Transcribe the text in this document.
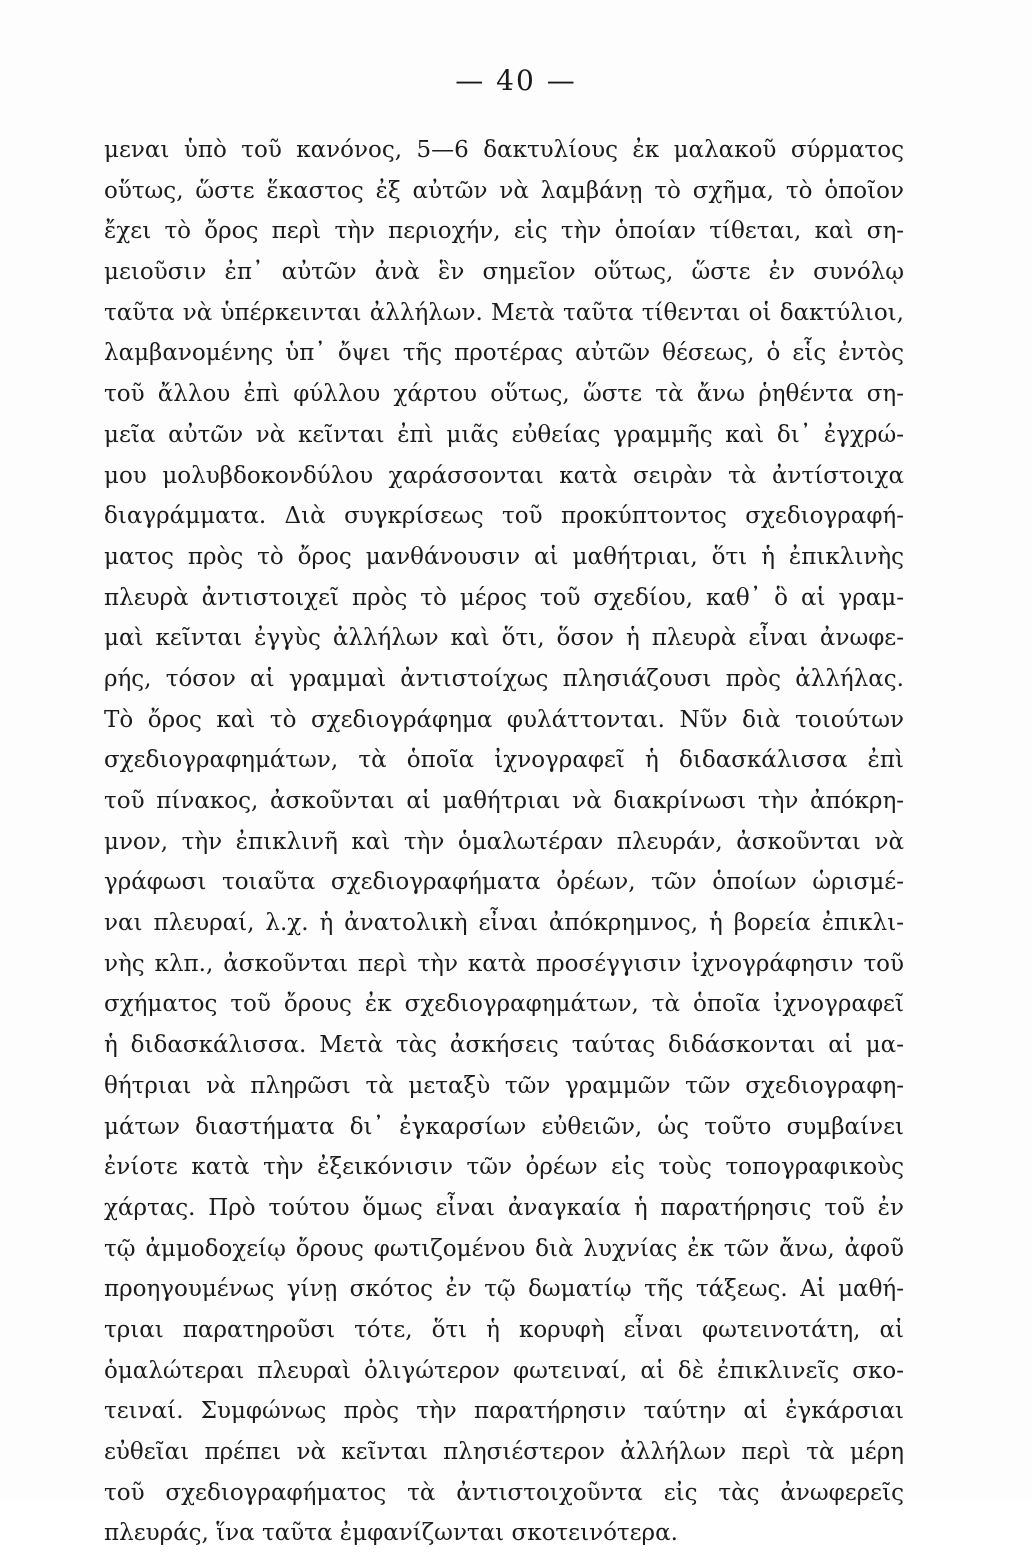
— 40 —
μεναι ὑπὸ τοῦ κανόνος, 5—6 δακτυλίους ἐκ μαλακοῦ σύρματος
οὕτως, ὥστε ἕκαστος ἐξ αὐτῶν νὰ λαμβάνῃ τὸ σχῆμα, τὸ ὁποῖον
ἔχει τὸ ὄρος περὶ τὴν περιοχήν, εἰς τὴν ὁποίαν τίθεται, καὶ ση-
μειοῦσιν ἐπ᾽ αὐτῶν ἀνὰ ἓν σημεῖον οὕτως, ὥστε ἐν συνόλῳ
ταῦτα νὰ ὑπέρκεινται ἀλλήλων. Μετὰ ταῦτα τίθενται οἱ δακτύλιοι,
λαμβανομένης ὑπ᾽ ὄψει τῆς προτέρας αὐτῶν θέσεως, ὁ εἷς ἐντὸς
τοῦ ἄλλου ἐπὶ φύλλου χάρτου οὕτως, ὥστε τὰ ἄνω ῥηθέντα ση-
μεῖα αὐτῶν νὰ κεῖνται ἐπὶ μιᾶς εὐθείας γραμμῆς καὶ δι᾽ ἐγχρώ-
μου μολυβδοκονδύλου χαράσσονται κατὰ σειρὰν τὰ ἀντίστοιχα
διαγράμματα. Διὰ συγκρίσεως τοῦ προκύπτοντος σχεδιογραφή-
ματος πρὸς τὸ ὄρος μανθάνουσιν αἱ μαθήτριαι, ὅτι ἡ ἐπικλινὴς
πλευρὰ ἀντιστοιχεῖ πρὸς τὸ μέρος τοῦ σχεδίου, καθ᾽ ὃ αἱ γραμ-
μαὶ κεῖνται ἐγγὺς ἀλλήλων καὶ ὅτι, ὅσον ἡ πλευρὰ εἶναι ἀνωφε-
ρής, τόσον αἱ γραμμαὶ ἀντιστοίχως πλησιάζουσι πρὸς ἀλλήλας.
Τὸ ὄρος καὶ τὸ σχεδιογράφημα φυλάττονται. Νῦν διὰ τοιούτων
σχεδιογραφημάτων, τὰ ὁποῖα ἰχνογραφεῖ ἡ διδασκάλισσα ἐπὶ
τοῦ πίνακος, ἀσκοῦνται αἱ μαθήτριαι νὰ διακρίνωσι τὴν ἀπόκρη-
μνον, τὴν ἐπικλινῆ καὶ τὴν ὁμαλωτέραν πλευράν, ἀσκοῦνται νὰ
γράφωσι τοιαῦτα σχεδιογραφήματα ὀρέων, τῶν ὁποίων ὡρισμέ-
ναι πλευραί, λ.χ. ἡ ἀνατολικὴ εἶναι ἀπόκρημνος, ἡ βορεία ἐπικλι-
νὴς κλπ., ἀσκοῦνται περὶ τὴν κατὰ προσέγγισιν ἰχνογράφησιν τοῦ
σχήματος τοῦ ὄρους ἐκ σχεδιογραφημάτων, τὰ ὁποῖα ἰχνογραφεῖ
ἡ διδασκάλισσα. Μετὰ τὰς ἀσκήσεις ταύτας διδάσκονται αἱ μα-
θήτριαι νὰ πληρῶσι τὰ μεταξὺ τῶν γραμμῶν τῶν σχεδιογραφη-
μάτων διαστήματα δι᾽ ἐγκαρσίων εὐθειῶν, ὡς τοῦτο συμβαίνει
ἐνίοτε κατὰ τὴν ἐξεικόνισιν τῶν ὀρέων εἰς τοὺς τοπογραφικοὺς
χάρτας. Πρὸ τούτου ὅμως εἶναι ἀναγκαία ἡ παρατήρησις τοῦ ἐν
τῷ ἀμμοδοχείῳ ὄρους φωτιζομένου διὰ λυχνίας ἐκ τῶν ἄνω, ἀφοῦ
προηγουμένως γίνῃ σκότος ἐν τῷ δωματίῳ τῆς τάξεως. Αἱ μαθή-
τριαι παρατηροῦσι τότε, ὅτι ἡ κορυφὴ εἶναι φωτεινοτάτη, αἱ
ὁμαλώτεραι πλευραὶ ὀλιγώτερον φωτειναί, αἱ δὲ ἐπικλινεῖς σκο-
τειναί. Συμφώνως πρὸς τὴν παρατήρησιν ταύτην αἱ ἐγκάρσιαι
εὐθεῖαι πρέπει νὰ κεῖνται πλησιέστερον ἀλλήλων περὶ τὰ μέρη
τοῦ σχεδιογραφήματος τὰ ἀντιστοιχοῦντα εἰς τὰς ἀνωφερεῖς
πλευράς, ἵνα ταῦτα ἐμφανίζωνται σκοτεινότερα.
